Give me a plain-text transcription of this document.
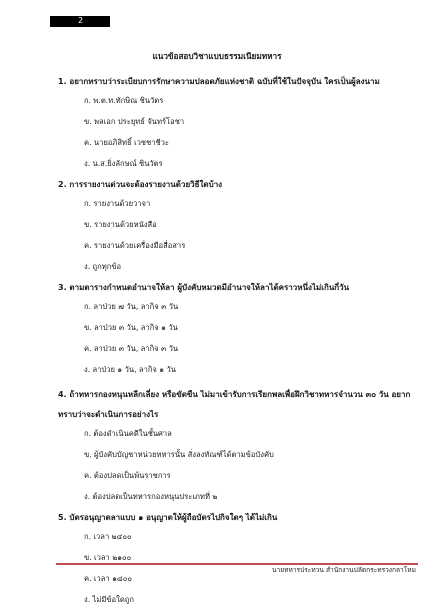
2
แนวข้อสอบวิชาแบบธรรมเนียมทหาร

1. อยากทราบว่าระเบียบการรักษาความปลอดภัยแห่งชาติ ฉบับที่ใช้ในปัจจุบัน ใครเป็นผู้ลงนาม

ก. พ.ต.ท.ทักษิณ ชินวัตร

ข. พลเอก ประยุทธ์ จันทร์โอชา

ค. นายอภิสิทธิ์ เวชชาชีวะ

ง. น.ส.ยิ่งลักษณ์ ชินวัตร

2. การรายงานด่วนจะต้องรายงานด้วยวิธีใดบ้าง

ก. รายงานด้วยวาจา

ข. รายงานด้วยหนังสือ

ค. รายงานด้วยเครื่องมือสื่อสาร

ง. ถูกทุกข้อ

3. ตามตารางกำหนดอำนาจให้ลา ผู้บังคับหมวดมีอำนาจให้ลาได้คราวหนึ่งไม่เกินกี่วัน

ก. ลาป่วย ๗ วัน, ลากิจ ๓ วัน

ข. ลาป่วย ๓ วัน, ลากิจ ๑ วัน

ค. ลาป่วย ๓ วัน, ลากิจ ๓ วัน

ง. ลาป่วย ๑ วัน, ลากิจ ๑ วัน

4. ถ้าทหารกองหนุนหลีกเลี่ยง หรือขัดขืน ไม่มาเข้ารับการเรียกพลเพื่อฝึกวิชาทหารจำนวน ๓๐ วัน อยากทราบว่าจะดำเนินการอย่างไร

ก. ต้องดำเนินคดีในชั้นศาล

ข. ผู้บังคับบัญชาหน่วยทหารนั้น สั่งลงทัณฑ์ได้ตามข้อบังคับ

ค. ต้องปลดเป็นพ้นราชการ

ง. ต้องปลดเป็นทหารกองหนุนประเภทที่ ๒

5. บัตรอนุญาตลาแบบ ๑ อนุญาตให้ผู้ถือบัตรไปกิจใดๆ ได้ไม่เกิน

ก. เวลา ๒๔๐๐

ข. เวลา ๒๑๐๐

ค. เวลา ๑๘๐๐

ง. ไม่มีข้อใดถูก

นายทหารประทวน สำนักงานปลัดกระทรวงกลาโหม
